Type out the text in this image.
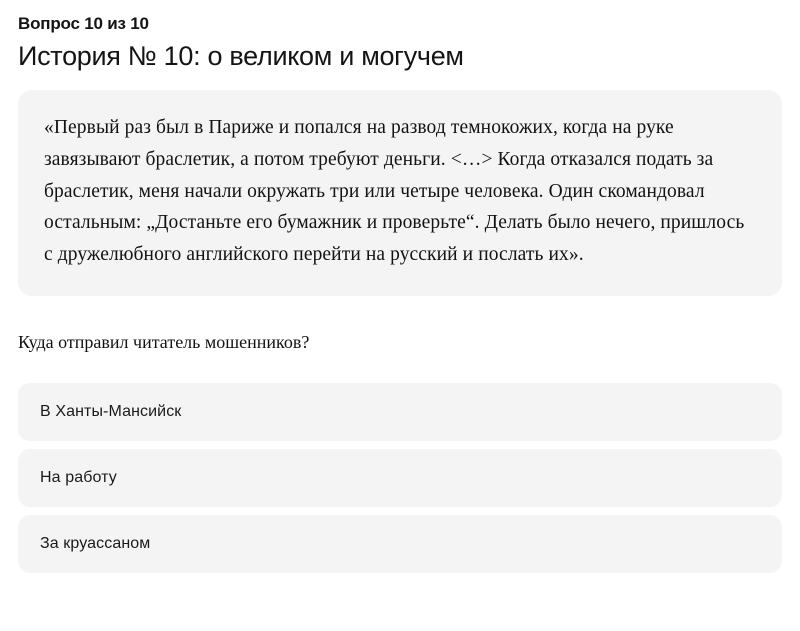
Вопрос 10 из 10
История № 10: о великом и могучем

«Первый раз был в Париже и попался на развод темнокожих, когда на руке завязывают браслетик, а потом требуют деньги. <…> Когда отказался подать за браслетик, меня начали окружать три или четыре человека. Один скомандовал остальным: „Достаньте его бумажник и проверьте“. Делать было нечего, пришлось с дружелюбного английского перейти на русский и послать их».

Куда отправил читатель мошенников?

В Ханты-Мансийск
На работу
За круассаном
